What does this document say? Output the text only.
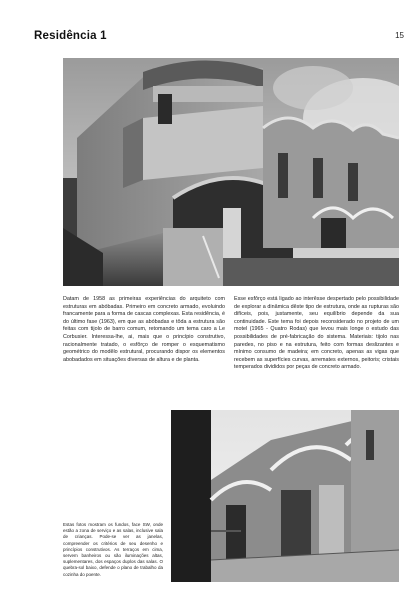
Residência 1	15

Datam de 1958 as primeiras experiências do arquiteto com estruturas em abóbadas. Primeiro em concreto armado, evoluindo francamente para a forma de cascas complexas. Esta residência, é do último fase (1963), em que as abóbadas e tôda a estrutura são feitas com tijolo de barro comum, retomando um tema caro a Le Corbusier. Interessa-lhe, ai, mais que o princípio construtivo, racionalmente tratado, o esfôrço de romper o esquematismo geométrico do modêlo estrutural, procurando dispor os elementos abobadados em situações diversas de altura e de planta.

Esse esfôrço está ligado ao interêsse despertado pelo possibilidade de explorar a dinâmica dêste tipo de estrutura, onde as rupturas são difíceis, pois, justamente, seu equilíbrio depende da sua continuidade. Este tema foi depois reconsiderado no projeto de um motel (1965 - Quatro Rodas) que levou mais longe o estudo das possibilidades de pré-fabricação do sistema. Materiais: tijolo nas paredes, no piso e na estrutura, feito com formas deslizantes e mínimo consumo de madeira; em concreto, apenas as vigas que recebem as superfícies curvas, arremates externos, peitoris; cristais temperados divididos por peças de concreto armado.

Estas fotos mostram os fundos, face SW, onde estão a zona de serviço e as salas, inclusive sala de crianças. Pode-se ver as janelas, compreender os critérios de seu desenho e princípios construtivos. As terraços em cima, servem banheiros ou são iluminações altas, suplementares, dos espaços duplos das salas. O quebra-sol baixo, defende o plano de trabalho da cozinha do poente.
